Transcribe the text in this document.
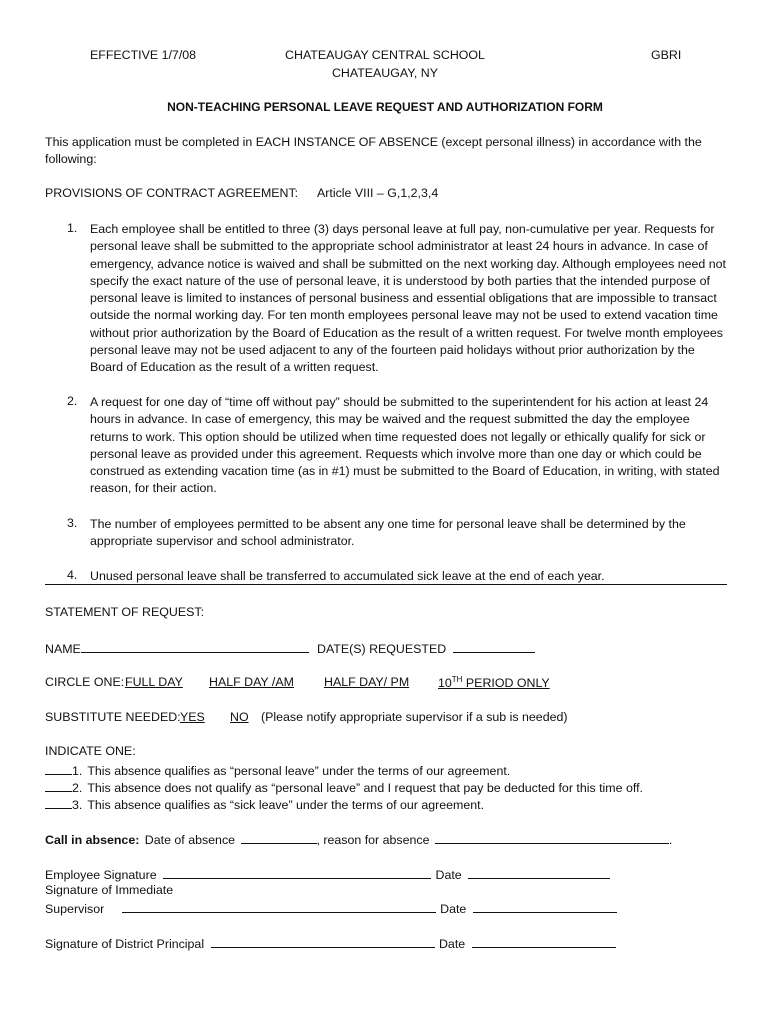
EFFECTIVE 1/7/08	CHATEAUGAY CENTRAL SCHOOL
CHATEAUGAY, NY
GBRI
NON-TEACHING PERSONAL LEAVE REQUEST AND AUTHORIZATION FORM
This application must be completed in EACH INSTANCE OF ABSENCE (except personal illness) in accordance with the following:
PROVISIONS OF CONTRACT AGREEMENT: Article VIII – G,1,2,3,4
1. Each employee shall be entitled to three (3) days personal leave at full pay, non-cumulative per year. Requests for personal leave shall be submitted to the appropriate school administrator at least 24 hours in advance. In case of emergency, advance notice is waived and shall be submitted on the next working day. Although employees need not specify the exact nature of the use of personal leave, it is understood by both parties that the intended purpose of personal leave is limited to instances of personal business and essential obligations that are impossible to transact outside the normal working day. For ten month employees personal leave may not be used to extend vacation time without prior authorization by the Board of Education as the result of a written request. For twelve month employees personal leave may not be used adjacent to any of the fourteen paid holidays without prior authorization by the Board of Education as the result of a written request.
2. A request for one day of “time off without pay” should be submitted to the superintendent for his action at least 24 hours in advance. In case of emergency, this may be waived and the request submitted the day the employee returns to work. This option should be utilized when time requested does not legally or ethically qualify for sick or personal leave as provided under this agreement. Requests which involve more than one day or which could be construed as extending vacation time (as in #1) must be submitted to the Board of Education, in writing, with stated reason, for their action.
3. The number of employees permitted to be absent any one time for personal leave shall be determined by the appropriate supervisor and school administrator.
4. Unused personal leave shall be transferred to accumulated sick leave at the end of each year.
STATEMENT OF REQUEST:
NAME	DATE(S) REQUESTED
CIRCLE ONE: FULL DAY HALF DAY /AM HALF DAY/ PM 10TH PERIOD ONLY
SUBSTITUTE NEEDED: YES NO (Please notify appropriate supervisor if a sub is needed)
INDICATE ONE:
1. This absence qualifies as “personal leave” under the terms of our agreement.
2. This absence does not qualify as “personal leave” and I request that pay be deducted for this time off.
3. This absence qualifies as “sick leave” under the terms of our agreement.
Call in absence: Date of absence	, reason for absence	.
Employee Signature	Date
Signature of Immediate
Supervisor	Date
Signature of District Principal	Date
